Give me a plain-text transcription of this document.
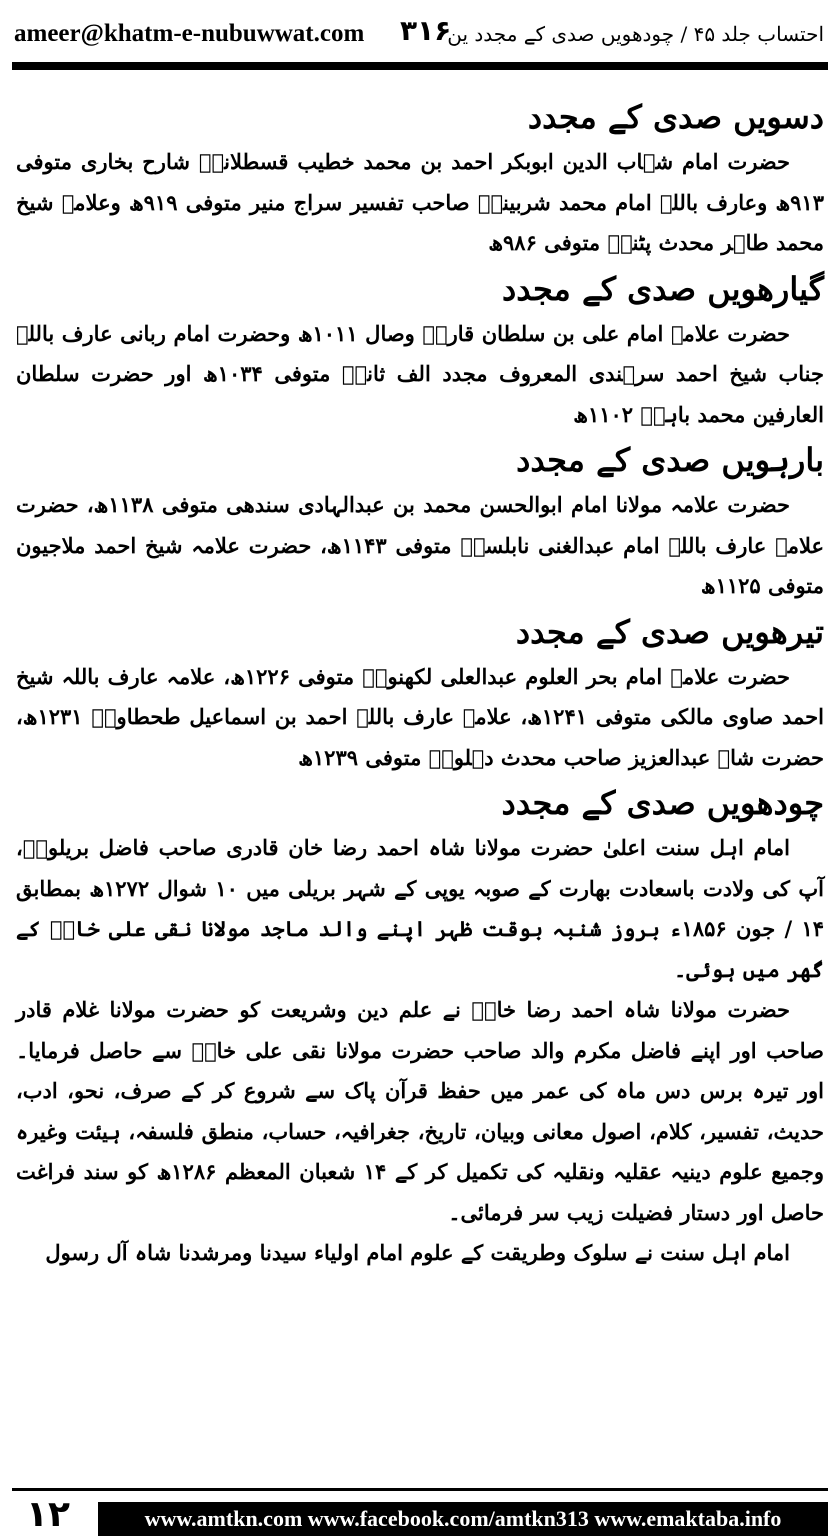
ameer@khatm-e-nubuwwat.com ۳۱۶
احتساب جلد ۴۵ / چودھویں صدی کے مجدد ین
دسویں صدی کے مجدد

حضرت امام شہاب الدین ابوبکر احمد بن محمد خطیب قسطلانیؒ شارح بخاری متوفی ۹۱۳ھ وعارف باللہ امام محمد شربینیؒ صاحب تفسیر سراج منیر متوفی ۹۱۹ھ وعلامہ شیخ محمد طاہر محدث پٹنیؒ متوفی ۹۸۶ھ

گیارھویں صدی کے مجدد

حضرت علامہ امام علی بن سلطان قاریؒ وصال ۱۰۱۱ھ وحضرت امام ربانی عارف باللہ جناب شیخ احمد سرہندی المعروف مجدد الف ثانیؒ متوفی ۱۰۳۴ھ اور حضرت سلطان العارفین محمد باہوؒ ۱۱۰۲ھ

بارہویں صدی کے مجدد

حضرت علامہ مولانا امام ابوالحسن محمد بن عبدالہادی سندھی متوفی ۱۱۳۸ھ، حضرت علامہ عارف باللہ امام عبدالغنی نابلسیؒ متوفی ۱۱۴۳ھ، حضرت علامہ شیخ احمد ملاجیون متوفی ۱۱۲۵ھ

تیرھویں صدی کے مجدد

حضرت علامہ امام بحر العلوم عبدالعلی لکھنویؒ متوفی ۱۲۲۶ھ، علامہ عارف باللہ شیخ احمد صاوی مالکی متوفی ۱۲۴۱ھ، علامہ عارف باللہ احمد بن اسماعیل طحطاویؒ ۱۲۳۱ھ، حضرت شاہ عبدالعزیز صاحب محدث دہلویؒ متوفی ۱۲۳۹ھ

چودھویں صدی کے مجدد

امام اہل سنت اعلیٰ حضرت مولانا شاہ احمد رضا خان قادری صاحب فاضل بریلویؒ، آپ کی ولادت باسعادت بھارت کے صوبہ یوپی کے شہر بریلی میں ۱۰ شوال ۱۲۷۲ھ بمطابق ۱۴ / جون ۱۸۵۶ء بروز شنبہ بوقت ظہر اپنے والد ماجد مولانا نقی علی خانؒ کے گھر میں ہوئی۔

حضرت مولانا شاہ احمد رضا خانؒ نے علم دین وشریعت کو حضرت مولانا غلام قادر صاحب اور اپنے فاضل مکرم والد صاحب حضرت مولانا نقی علی خانؒ سے حاصل فرمایا۔ اور تیرہ برس دس ماہ کی عمر میں حفظ قرآن پاک سے شروع کر کے صرف، نحو، ادب، حدیث، تفسیر، کلام، اصول معانی وبیان، تاریخ، جغرافیہ، حساب، منطق فلسفہ، ہیئت وغیرہ وجمیع علوم دینیہ عقلیہ ونقلیہ کی تکمیل کر کے ۱۴ شعبان المعظم ۱۲۸۶ھ کو سند فراغت حاصل اور دستار فضیلت زیب سر فرمائی۔

امام اہل سنت نے سلوک وطریقت کے علوم امام اولیاء سیدنا ومرشدنا شاہ آل رسول

۱۲	www.amtkn.com www.facebook.com/amtkn313 www.emaktaba.info
